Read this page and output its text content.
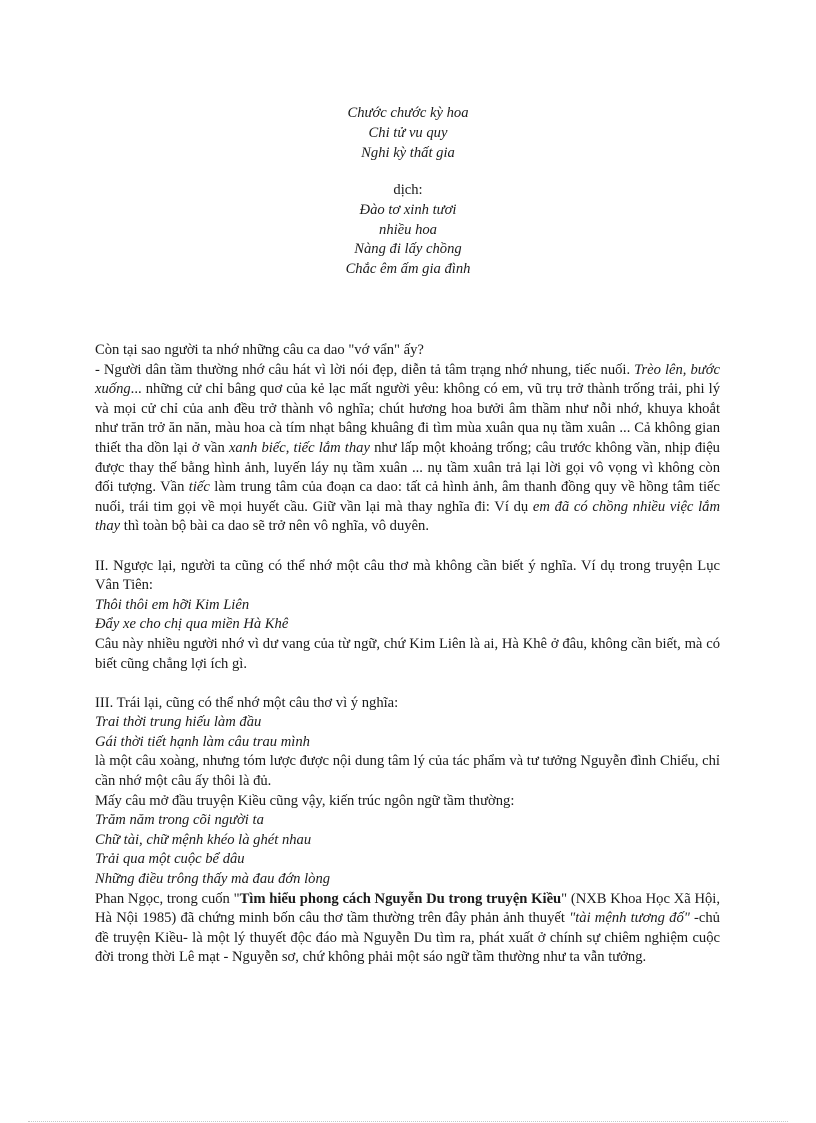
Chước chước kỳ hoa
Chi tử vu quy
Nghi kỳ thất gia
dịch:
Đào tơ xinh tươi
nhiều hoa
Nàng đi lấy chồng
Chắc êm ấm gia đình

Còn tại sao người ta nhớ những câu ca dao "vớ vẩn" ấy?

- Người dân tầm thường nhớ câu hát vì lời nói đẹp, diễn tả tâm trạng nhớ nhung, tiếc nuối. Trèo lên, bước xuống... những cử chỉ bâng quơ của kẻ lạc mất người yêu: không có em, vũ trụ trở thành trống trải, phi lý và mọi cử chỉ của anh đều trở thành vô nghĩa; chút hương hoa bưởi âm thầm như nỗi nhớ, khuya khoắt như trăn trở ăn năn, màu hoa cà tím nhạt bâng khuâng đi tìm mùa xuân qua nụ tầm xuân ... Cả không gian thiết tha dồn lại ở vần xanh biếc, tiếc lắm thay như lấp một khoảng trống; câu trước không vần, nhịp điệu được thay thế bằng hình ảnh, luyến láy nụ tầm xuân ... nụ tầm xuân trả lại lời gọi vô vọng vì không còn đối tượng. Vần tiếc làm trung tâm của đoạn ca dao: tất cả hình ảnh, âm thanh đồng quy về hồng tâm tiếc nuối, trái tim gọi về mọi huyết cầu. Giữ vần lại mà thay nghĩa đi: Ví dụ em đã có chồng nhiều việc lắm thay thì toàn bộ bài ca dao sẽ trở nên vô nghĩa, vô duyên.

II. Ngược lại, người ta cũng có thể nhớ một câu thơ mà không cần biết ý nghĩa. Ví dụ trong truyện Lục Vân Tiên:

Thôi thôi em hỡi Kim Liên

Đẩy xe cho chị qua miền Hà Khê

Câu này nhiều người nhớ vì dư vang của từ ngữ, chứ Kim Liên là ai, Hà Khê ở đâu, không cần biết, mà có biết cũng chẳng lợi ích gì.

III. Trái lại, cũng có thể nhớ một câu thơ vì ý nghĩa:

Trai thời trung hiếu làm đầu

Gái thời tiết hạnh làm câu trau mình

là một câu xoàng, nhưng tóm lược được nội dung tâm lý của tác phẩm và tư tưởng Nguyễn đình Chiểu, chỉ cần nhớ một câu ấy thôi là đủ.

Mấy câu mở đầu truyện Kiều cũng vậy, kiến trúc ngôn ngữ tầm thường:

Trăm năm trong cõi người ta

Chữ tài, chữ mệnh khéo là ghét nhau

Trải qua một cuộc bể dâu

Những điều trông thấy mà đau đớn lòng

Phan Ngọc, trong cuốn "Tìm hiểu phong cách Nguyễn Du trong truyện Kiều" (NXB Khoa Học Xã Hội, Hà Nội 1985) đã chứng minh bốn câu thơ tầm thường trên đây phản ảnh thuyết "tài mệnh tương đố" -chủ đề truyện Kiều- là một lý thuyết độc đáo mà Nguyễn Du tìm ra, phát xuất ở chính sự chiêm nghiệm cuộc đời trong thời Lê mạt - Nguyễn sơ, chứ không phải một sáo ngữ tầm thường như ta vẫn tưởng.
